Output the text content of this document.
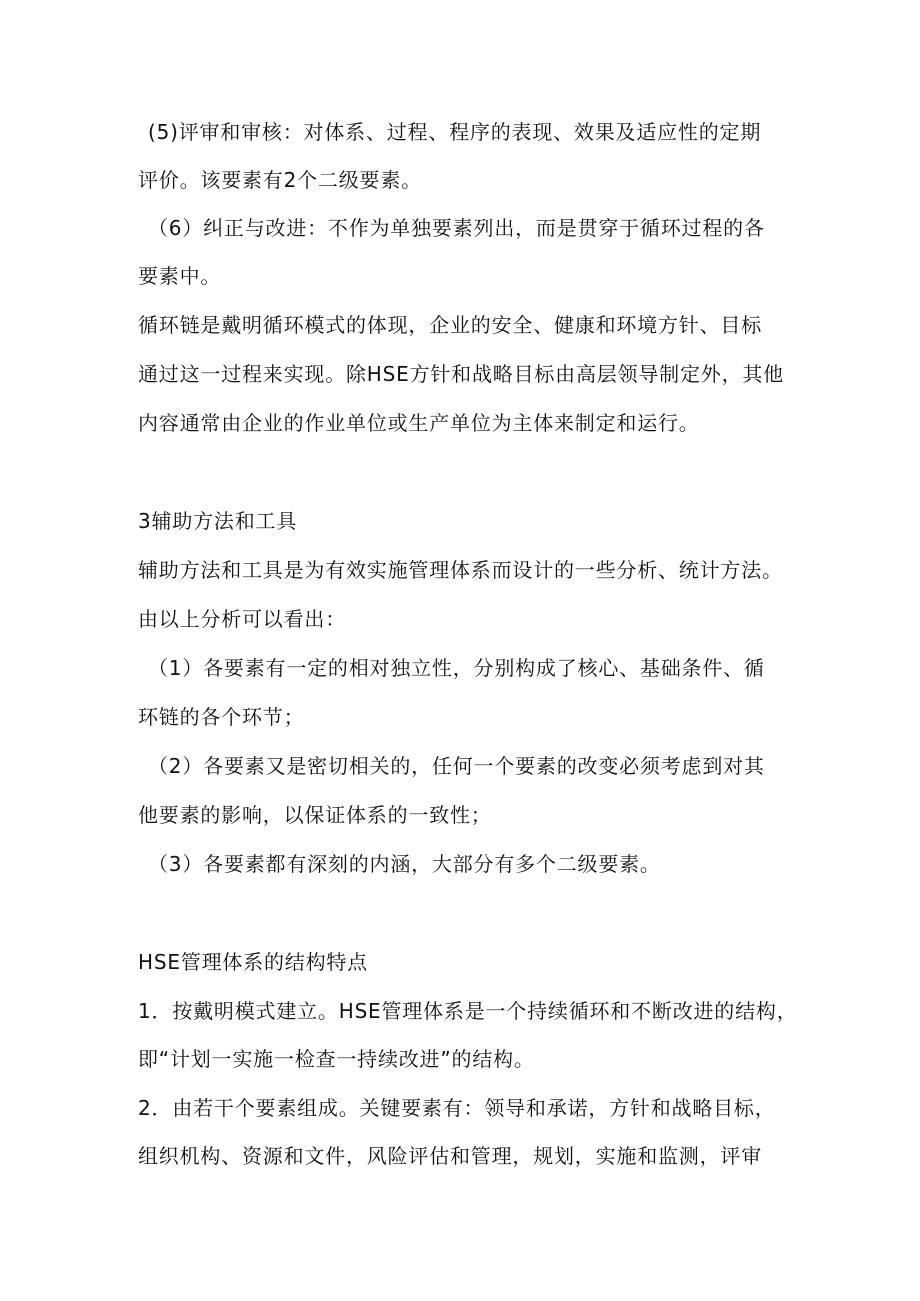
(5)评审和审核：对体系、过程、程序的表现、效果及适应性的定期
评价。该要素有2个二级要素。
（6）纠正与改进：不作为单独要素列出，而是贯穿于循环过程的各
要素中。
循环链是戴明循环模式的体现，企业的安全、健康和环境方针、目标
通过这一过程来实现。除HSE方针和战略目标由高层领导制定外，其他
内容通常由企业的作业单位或生产单位为主体来制定和运行。
3辅助方法和工具
辅助方法和工具是为有效实施管理体系而设计的一些分析、统计方法。
由以上分析可以看出：
（1）各要素有一定的相对独立性，分别构成了核心、基础条件、循
环链的各个环节；
（2）各要素又是密切相关的，任何一个要素的改变必须考虑到对其
他要素的影响，以保证体系的一致性；
（3）各要素都有深刻的内涵，大部分有多个二级要素。
HSE管理体系的结构特点
1．按戴明模式建立。HSE管理体系是一个持续循环和不断改进的结构，
即“计划一实施一检查一持续改进”的结构。
2．由若干个要素组成。关键要素有：领导和承诺，方针和战略目标，
组织机构、资源和文件，风险评估和管理，规划，实施和监测，评审
